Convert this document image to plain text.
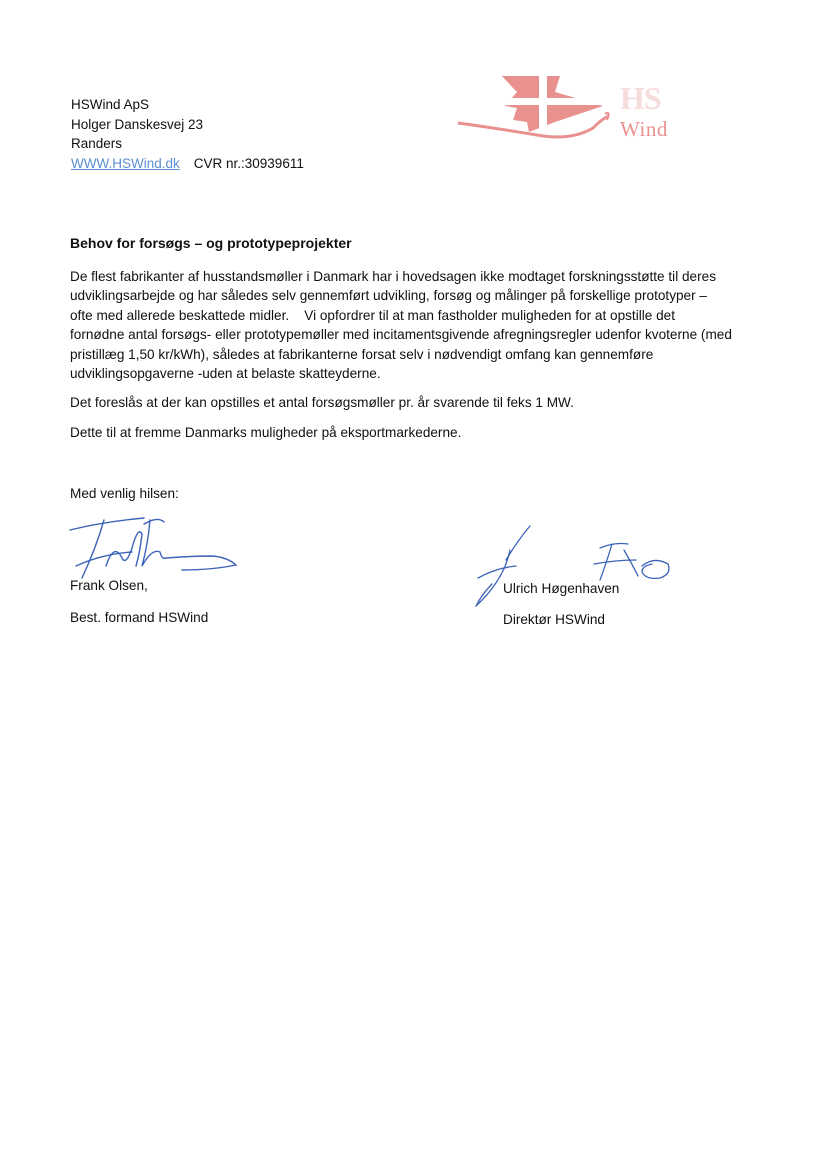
HSWind ApS
Holger Danskesvej 23
Randers
WWW.HSWind.dk CVR nr.:30939611
HS
Wind
Behov for forsøgs – og prototypeprojekter

De flest fabrikanter af husstandsmøller i Danmark har i hovedsagen ikke modtaget forskningsstøtte til deres
udviklingsarbejde og har således selv gennemført udvikling, forsøg og målinger på forskellige prototyper –
ofte med allerede beskattede midler.    Vi opfordrer til at man fastholder muligheden for at opstille det
fornødne antal forsøgs- eller prototypemøller med incitamentsgivende afregningsregler udenfor kvoterne (med
pristillæg 1,50 kr/kWh), således at fabrikanterne forsat selv i nødvendigt omfang kan gennemføre
udviklingsopgaverne -uden at belaste skatteyderne.

Det foreslås at der kan opstilles et antal forsøgsmøller pr. år svarende til feks 1 MW.

Dette til at fremme Danmarks muligheder på eksportmarkederne.

Med venlig hilsen:
Frank Olsen,
Best. formand HSWind
Ulrich Høgenhaven
Direktør HSWind
